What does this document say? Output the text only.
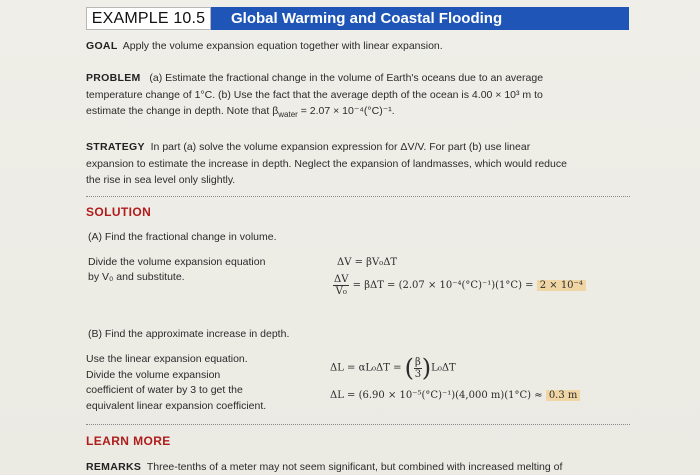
EXAMPLE 10.5	Global Warming and Coastal Flooding
GOAL Apply the volume expansion equation together with linear expansion.
PROBLEM (a) Estimate the fractional change in the volume of Earth's oceans due to an average
temperature change of 1°C. (b) Use the fact that the average depth of the ocean is 4.00 × 10³ m to
estimate the change in depth. Note that $\beta_{water} = 2.07 \times 10^{-4}(^\circ C)^{-1}$.
STRATEGY In part (a) solve the volume expansion expression for ΔV/V. For part (b) use linear
expansion to estimate the increase in depth. Neglect the expansion of landmasses, which would reduce
the rise in sea level only slightly.
SOLUTION
(A) Find the fractional change in volume.
Divide the volume expansion equation
by V₀ and substitute.
ΔV = βV₀ΔT
$\frac{\Delta V}{\text{V₀}} = \beta\Delta T = (2.07 \times 10^{-4}(^\circ C)^{-1})(1^\circ C) = 2 \times 10^{-4}$
(B) Find the approximate increase in depth.
Use the linear expansion equation.
Divide the volume expansion
coefficient of water by 3 to get the
equivalent linear expansion coefficient.
ΔL = αL₀ΔT = ( $\frac{\beta}{3} )L_0\Delta T$
ΔL = (6.90 × 10⁻⁵(°C)⁻¹)(4,000 m)(1°C) ≈ 0.3 m
LEARN MORE
REMARKS Three-tenths of a meter may not seem significant, but combined with increased melting of
